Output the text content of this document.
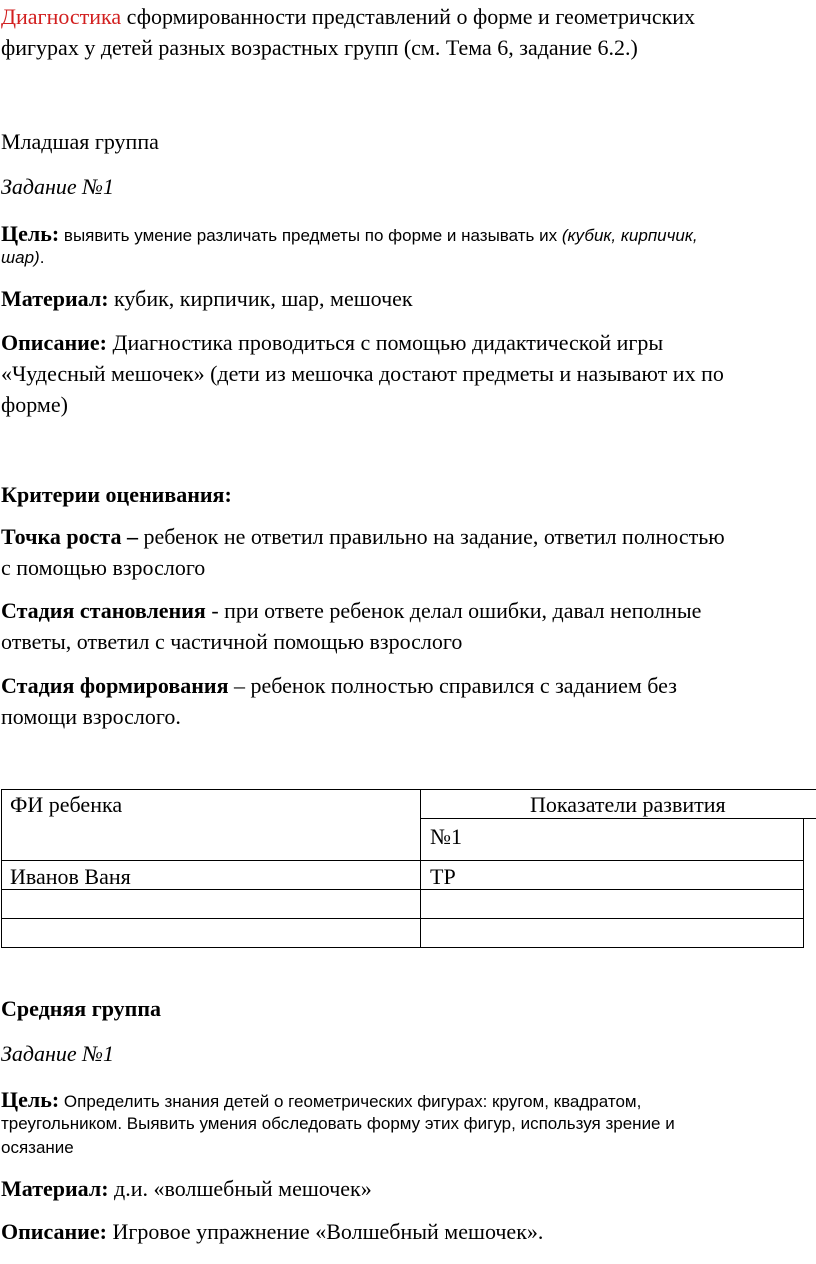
Диагностика сформированности представлений о форме и геометричских
фигурах у детей разных возрастных групп (см. Тема 6, задание 6.2.)
Младшая группа
Задание №1
Цель: выявить умение различать предметы по форме и называть их (кубик, кирпичик,
шар).
Материал: кубик, кирпичик, шар, мешочек
Описание: Диагностика проводиться с помощью дидактической игры
«Чудесный мешочек» (дети из мешочка достают предметы и называют их по
форме)
Критерии оценивания:
Точка роста – ребенок не ответил правильно на задание, ответил полностью
с помощью взрослого
Стадия становления - при ответе ребенок делал ошибки, давал неполные
ответы, ответил с частичной помощью взрослого
Стадия формирования – ребенок полностью справился с заданием без
помощи взрослого.
ФИ ребенка	Показатели развития
№1
Иванов Ваня	ТР
Средняя группа
Задание №1
Цель: Определить знания детей о геометрических фигурах: кругом, квадратом,
треугольником. Выявить умения обследовать форму этих фигур, используя зрение и
осязание
Материал: д.и. «волшебный мешочек»
Описание: Игровое упражнение «Волшебный мешочек».
